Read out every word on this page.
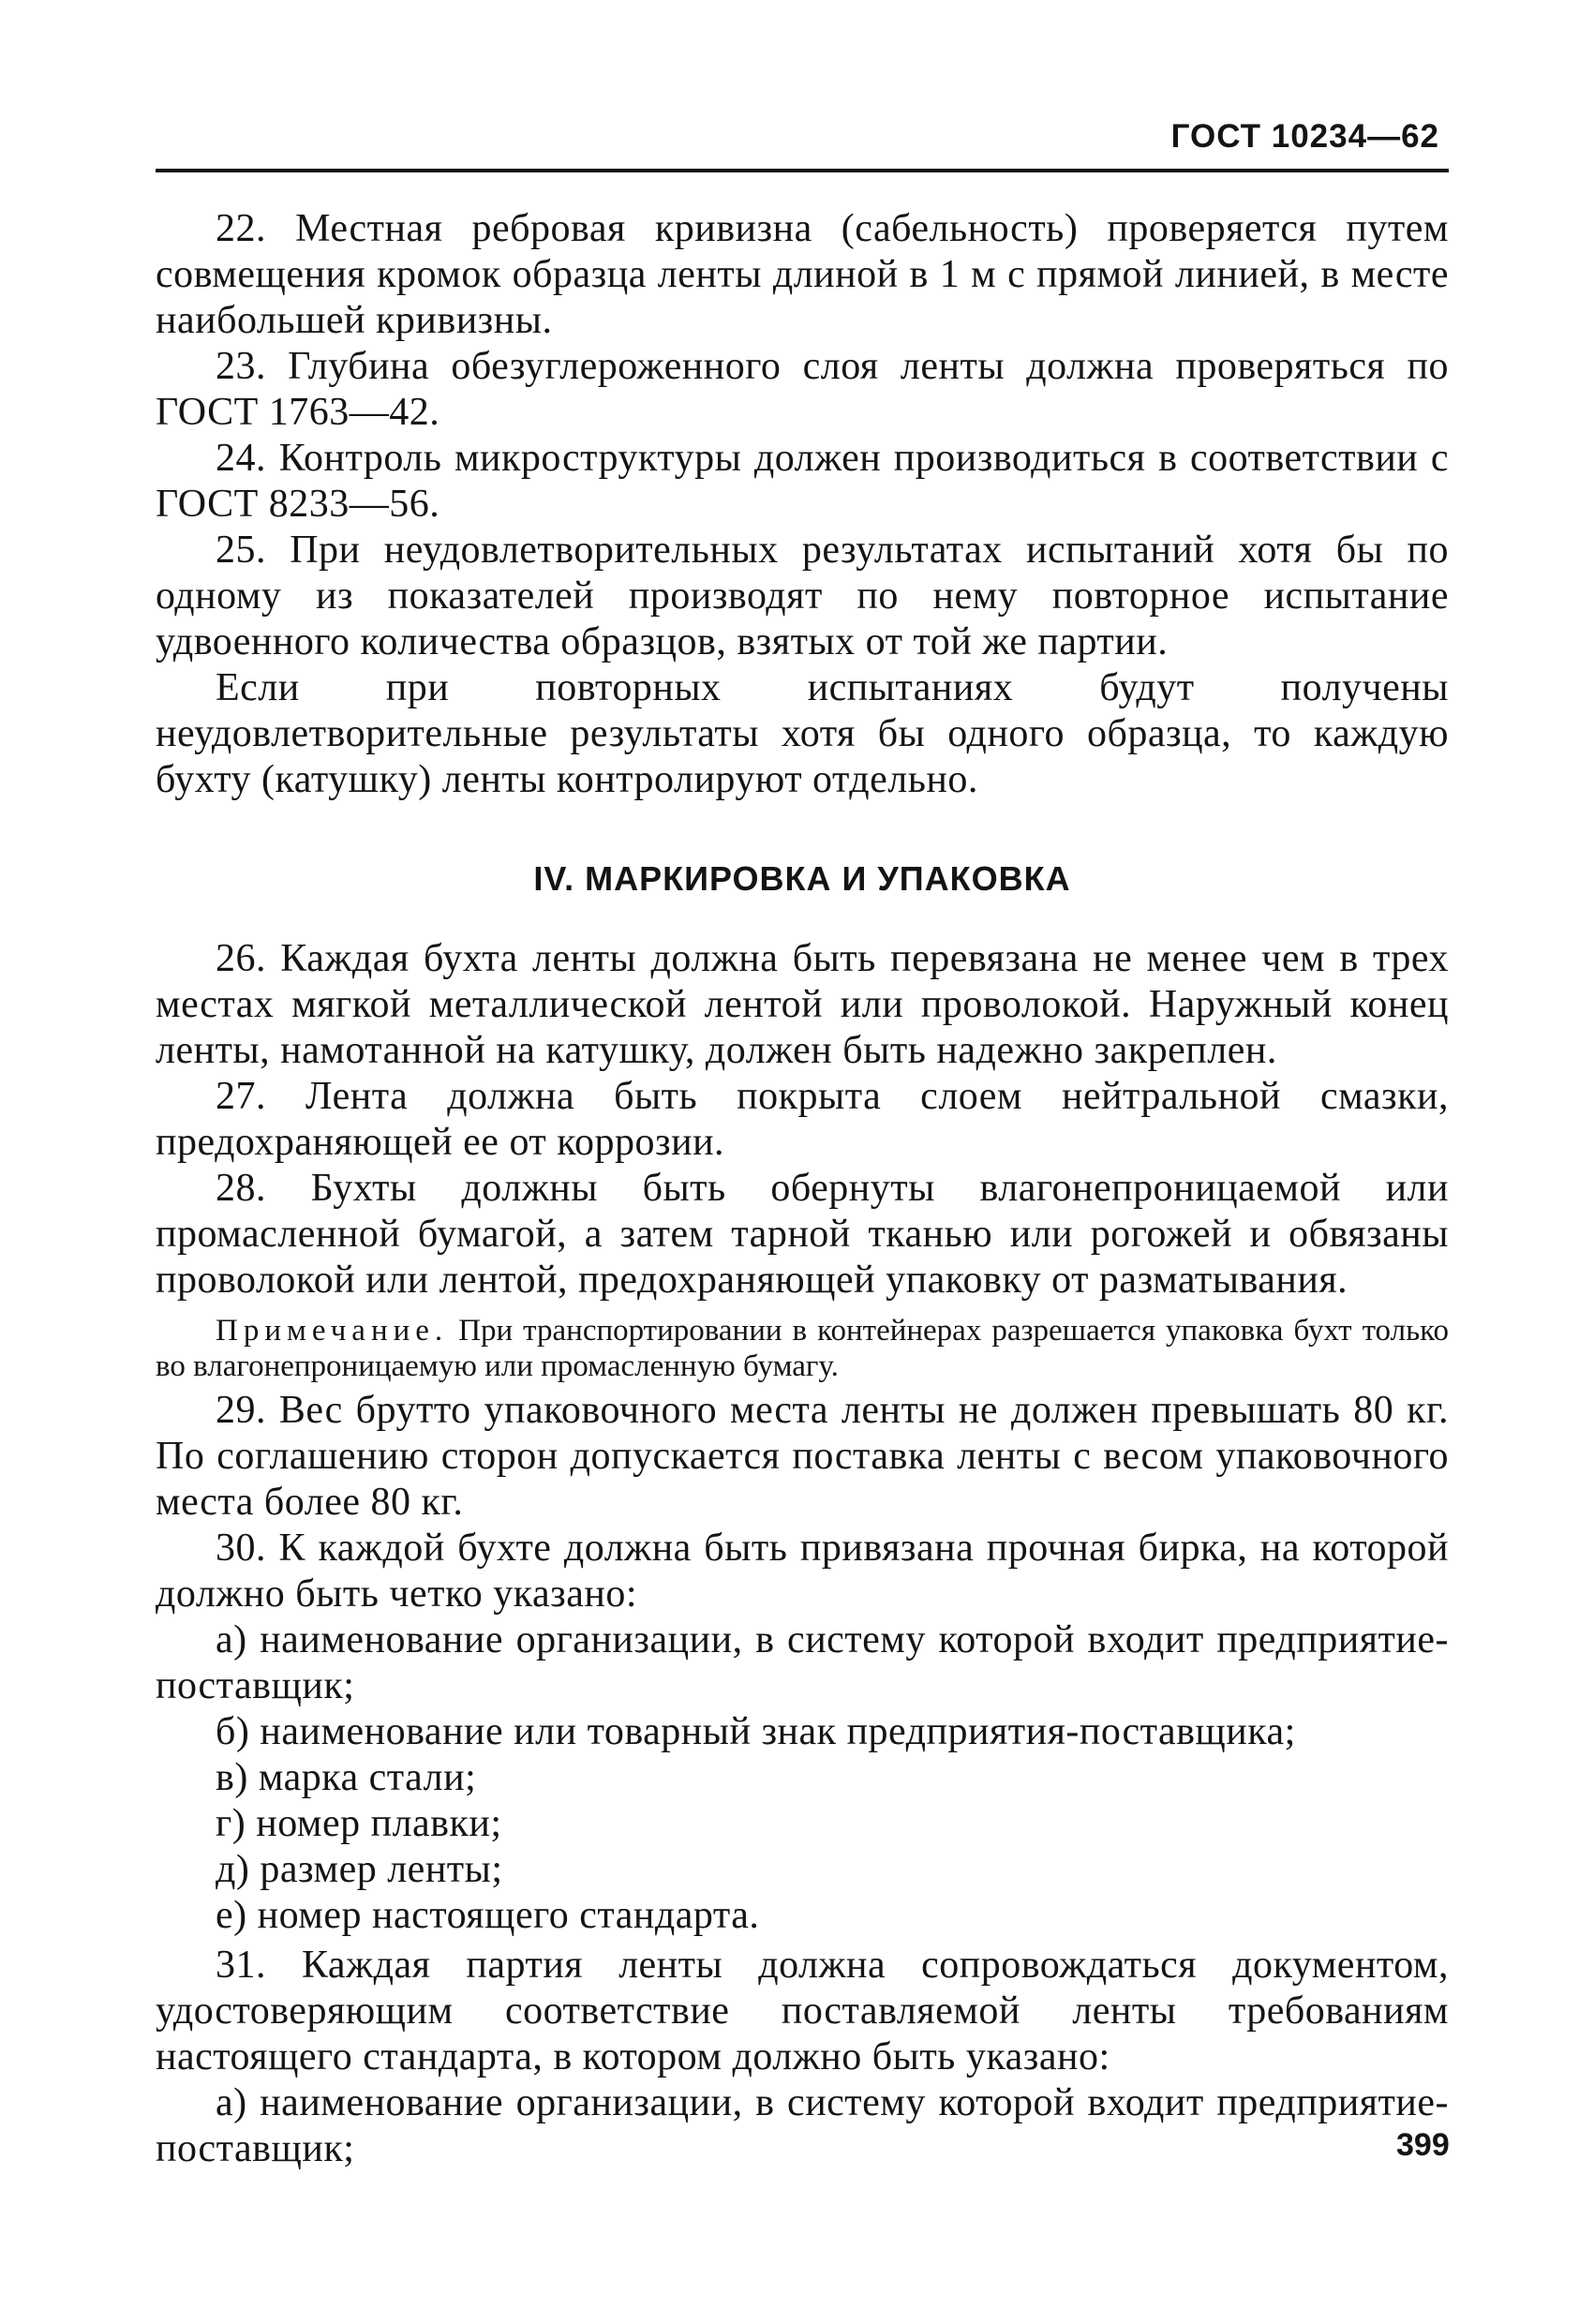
ГОСТ 10234—62

22. Местная ребровая кривизна (сабельность) проверяется путем совмещения кромок образца ленты длиной в 1 м с прямой линией, в месте наибольшей кривизны.

23. Глубина обезуглероженного слоя ленты должна проверяться по ГОСТ 1763—42.

24. Контроль микроструктуры должен производиться в соответствии с ГОСТ 8233—56.

25. При неудовлетворительных результатах испытаний хотя бы по одному из показателей производят по нему повторное испытание удвоенного количества образцов, взятых от той же партии.

Если при повторных испытаниях будут получены неудовлетворительные результаты хотя бы одного образца, то каждую бухту (катушку) ленты контролируют отдельно.

IV. МАРКИРОВКА И УПАКОВКА

26. Каждая бухта ленты должна быть перевязана не менее чем в трех местах мягкой металлической лентой или проволокой. Наружный конец ленты, намотанной на катушку, должен быть надежно закреплен.

27. Лента должна быть покрыта слоем нейтральной смазки, предохраняющей ее от коррозии.

28. Бухты должны быть обернуты влагонепроницаемой или промасленной бумагой, а затем тарной тканью или рогожей и обвязаны проволокой или лентой, предохраняющей упаковку от разматывания.

Примечание. При транспортировании в контейнерах разрешается упаковка бухт только во влагонепроницаемую или промасленную бумагу.

29. Вес брутто упаковочного места ленты не должен превышать 80 кг. По соглашению сторон допускается поставка ленты с весом упаковочного места более 80 кг.

30. К каждой бухте должна быть привязана прочная бирка, на которой должно быть четко указано:

а) наименование организации, в систему которой входит предприятие-поставщик;

б) наименование или товарный знак предприятия-поставщика;

в) марка стали;

г) номер плавки;

д) размер ленты;

е) номер настоящего стандарта.

31. Каждая партия ленты должна сопровождаться документом, удостоверяющим соответствие поставляемой ленты требованиям настоящего стандарта, в котором должно быть указано:

а) наименование организации, в систему которой входит предприятие-поставщик;	399
